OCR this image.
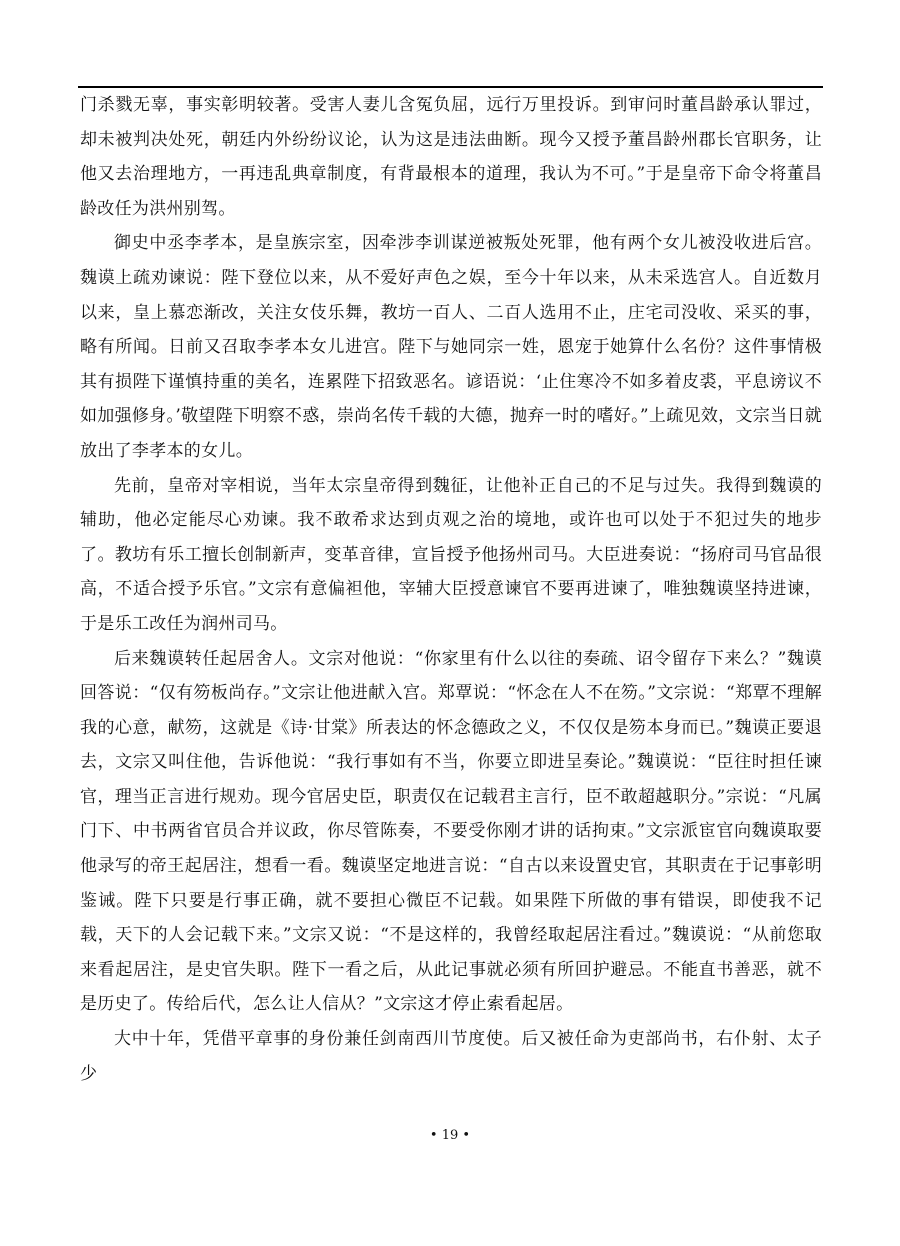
门杀戮无辜，事实彰明较著。受害人妻儿含冤负屈，远行万里投诉。到审问时董昌龄承认罪过，却未被判决处死，朝廷内外纷纷议论，认为这是违法曲断。现今又授予董昌龄州郡长官职务，让他又去治理地方，一再违乱典章制度，有背最根本的道理，我认为不可。”于是皇帝下命令将董昌龄改任为洪州别驾。

御史中丞李孝本，是皇族宗室，因牵涉李训谋逆被叛处死罪，他有两个女儿被没收进后宫。魏谟上疏劝谏说：陛下登位以来，从不爱好声色之娱，至今十年以来，从未采选宫人。自近数月以来，皇上慕恋渐改，关注女伎乐舞，教坊一百人、二百人选用不止，庄宅司没收、采买的事，略有所闻。日前又召取李孝本女儿进宫。陛下与她同宗一姓，恩宠于她算什么名份？这件事情极其有损陛下谨慎持重的美名，连累陛下招致恶名。谚语说：‘止住寒冷不如多着皮裘，平息谤议不如加强修身。’敬望陛下明察不惑，崇尚名传千载的大德，抛弃一时的嗜好。”上疏见效，文宗当日就放出了李孝本的女儿。

先前，皇帝对宰相说，当年太宗皇帝得到魏征，让他补正自己的不足与过失。我得到魏谟的辅助，他必定能尽心劝谏。我不敢希求达到贞观之治的境地，或许也可以处于不犯过失的地步了。教坊有乐工擅长创制新声，变革音律，宣旨授予他扬州司马。大臣进奏说：“扬府司马官品很高，不适合授予乐官。”文宗有意偏袒他，宰辅大臣授意谏官不要再进谏了，唯独魏谟坚持进谏，于是乐工改任为润州司马。

后来魏谟转任起居舍人。文宗对他说：“你家里有什么以往的奏疏、诏令留存下来么？”魏谟回答说：“仅有笏板尚存。”文宗让他进献入宫。郑覃说：“怀念在人不在笏。”文宗说：“郑覃不理解我的心意，献笏，这就是《诗·甘棠》所表达的怀念德政之义，不仅仅是笏本身而已。”魏谟正要退去，文宗又叫住他，告诉他说：“我行事如有不当，你要立即进呈奏论。”魏谟说：“臣往时担任谏官，理当正言进行规劝。现今官居史臣，职责仅在记载君主言行，臣不敢超越职分。”宗说：“凡属门下、中书两省官员合并议政，你尽管陈奏，不要受你刚才讲的话拘束。”文宗派宦官向魏谟取要他录写的帝王起居注，想看一看。魏谟坚定地进言说：“自古以来设置史官，其职责在于记事彰明鉴诫。陛下只要是行事正确，就不要担心微臣不记载。如果陛下所做的事有错误，即使我不记载，天下的人会记载下来。”文宗又说：“不是这样的，我曾经取起居注看过。”魏谟说：“从前您取来看起居注，是史官失职。陛下一看之后，从此记事就必须有所回护避忌。不能直书善恶，就不是历史了。传给后代，怎么让人信从？”文宗这才停止索看起居。

大中十年，凭借平章事的身份兼任剑南西川节度使。后又被任命为吏部尚书，右仆射、太子少

• 19 •
